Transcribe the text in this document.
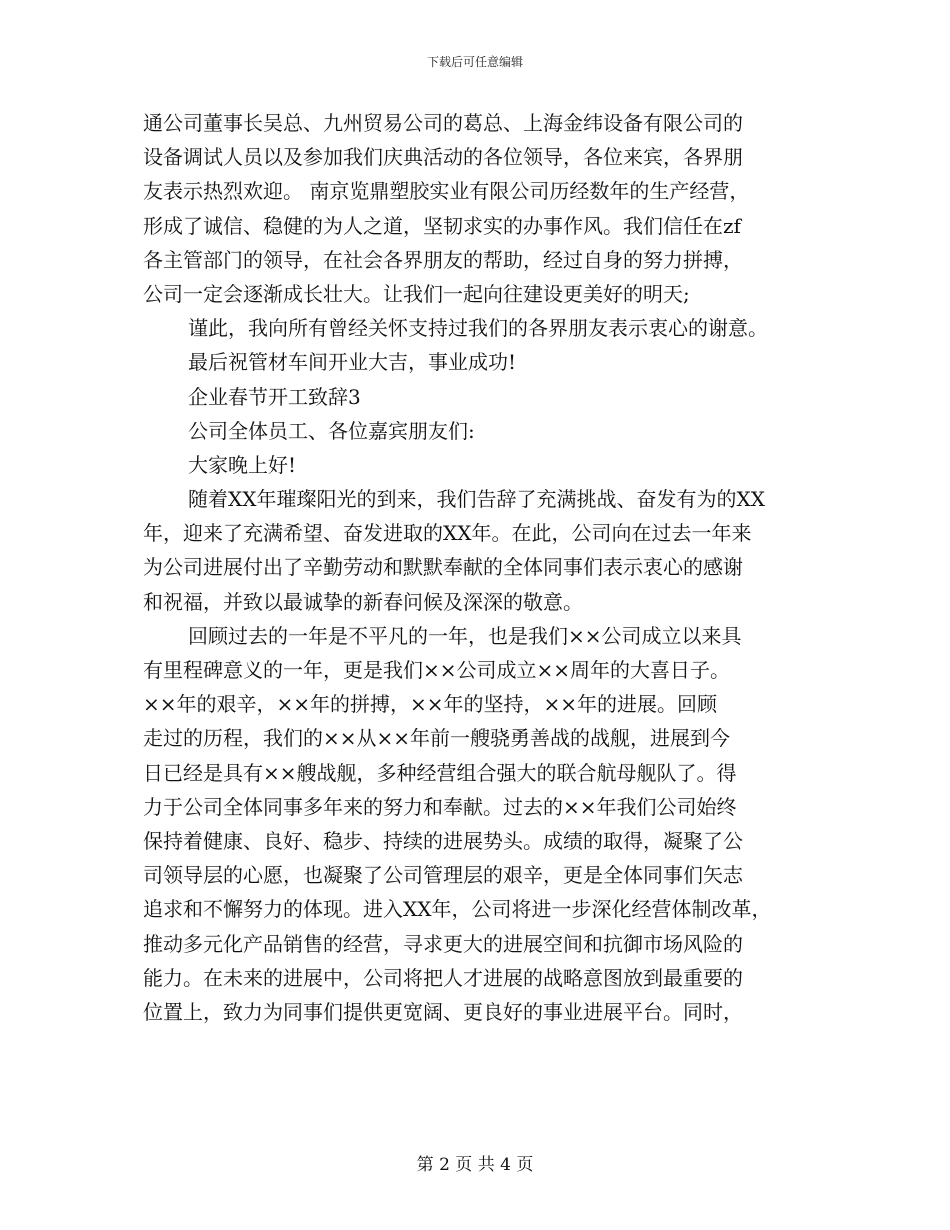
下载后可任意编辑
通公司董事长吴总、九州贸易公司的葛总、上海金纬设备有限公司的
设备调试人员以及参加我们庆典活动的各位领导，各位来宾，各界朋
友表示热烈欢迎。 南京览鼎塑胶实业有限公司历经数年的生产经营，
形成了诚信、稳健的为人之道，坚韧求实的办事作风。我们信任在zf
各主管部门的领导，在社会各界朋友的帮助，经过自身的努力拼搏，
公司一定会逐渐成长壮大。让我们一起向往建设更美好的明天;
谨此，我向所有曾经关怀支持过我们的各界朋友表示衷心的谢意。
最后祝管材车间开业大吉，事业成功!
企业春节开工致辞3
公司全体员工、各位嘉宾朋友们:
大家晚上好!
随着XX年璀璨阳光的到来，我们告辞了充满挑战、奋发有为的XX
年，迎来了充满希望、奋发进取的XX年。在此，公司向在过去一年来
为公司进展付出了辛勤劳动和默默奉献的全体同事们表示衷心的感谢
和祝福，并致以最诚挚的新春问候及深深的敬意。
回顾过去的一年是不平凡的一年，也是我们××公司成立以来具
有里程碑意义的一年，更是我们××公司成立××周年的大喜日子。
××年的艰辛，××年的拼搏，××年的坚持，××年的进展。回顾
走过的历程，我们的××从××年前一艘骁勇善战的战舰，进展到今
日已经是具有××艘战舰，多种经营组合强大的联合航母舰队了。得
力于公司全体同事多年来的努力和奉献。过去的××年我们公司始终
保持着健康、良好、稳步、持续的进展势头。成绩的取得，凝聚了公
司领导层的心愿，也凝聚了公司管理层的艰辛，更是全体同事们矢志
追求和不懈努力的体现。进入XX年，公司将进一步深化经营体制改革，
推动多元化产品销售的经营，寻求更大的进展空间和抗御市场风险的
能力。在未来的进展中，公司将把人才进展的战略意图放到最重要的
位置上，致力为同事们提供更宽阔、更良好的事业进展平台。同时，
第 2 页 共 4 页
